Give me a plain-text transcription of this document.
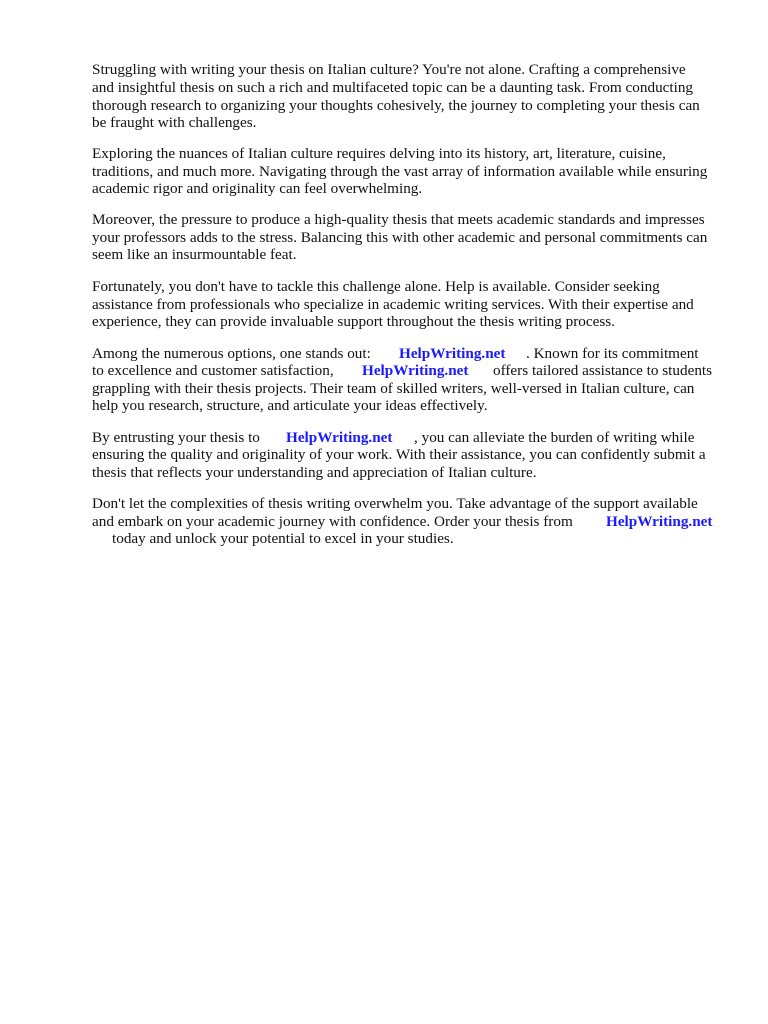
Struggling with writing your thesis on Italian culture? You're not alone. Crafting a comprehensive
and insightful thesis on such a rich and multifaceted topic can be a daunting task. From conducting
thorough research to organizing your thoughts cohesively, the journey to completing your thesis can
be fraught with challenges.
Exploring the nuances of Italian culture requires delving into its history, art, literature, cuisine,
traditions, and much more. Navigating through the vast array of information available while ensuring
academic rigor and originality can feel overwhelming.
Moreover, the pressure to produce a high-quality thesis that meets academic standards and impresses
your professors adds to the stress. Balancing this with other academic and personal commitments can
seem like an insurmountable feat.
Fortunately, you don't have to tackle this challenge alone. Help is available. Consider seeking
assistance from professionals who specialize in academic writing services. With their expertise and
experience, they can provide invaluable support throughout the thesis writing process.
Among the numerous options, one stands out: HelpWriting.net . Known for its commitment
to excellence and customer satisfaction, HelpWriting.net offers tailored assistance to students
grappling with their thesis projects. Their team of skilled writers, well-versed in Italian culture, can
help you research, structure, and articulate your ideas effectively.
By entrusting your thesis to HelpWriting.net , you can alleviate the burden of writing while
ensuring the quality and originality of your work. With their assistance, you can confidently submit a
thesis that reflects your understanding and appreciation of Italian culture.
Don't let the complexities of thesis writing overwhelm you. Take advantage of the support available
and embark on your academic journey with confidence. Order your thesis from HelpWriting.net
today and unlock your potential to excel in your studies.
